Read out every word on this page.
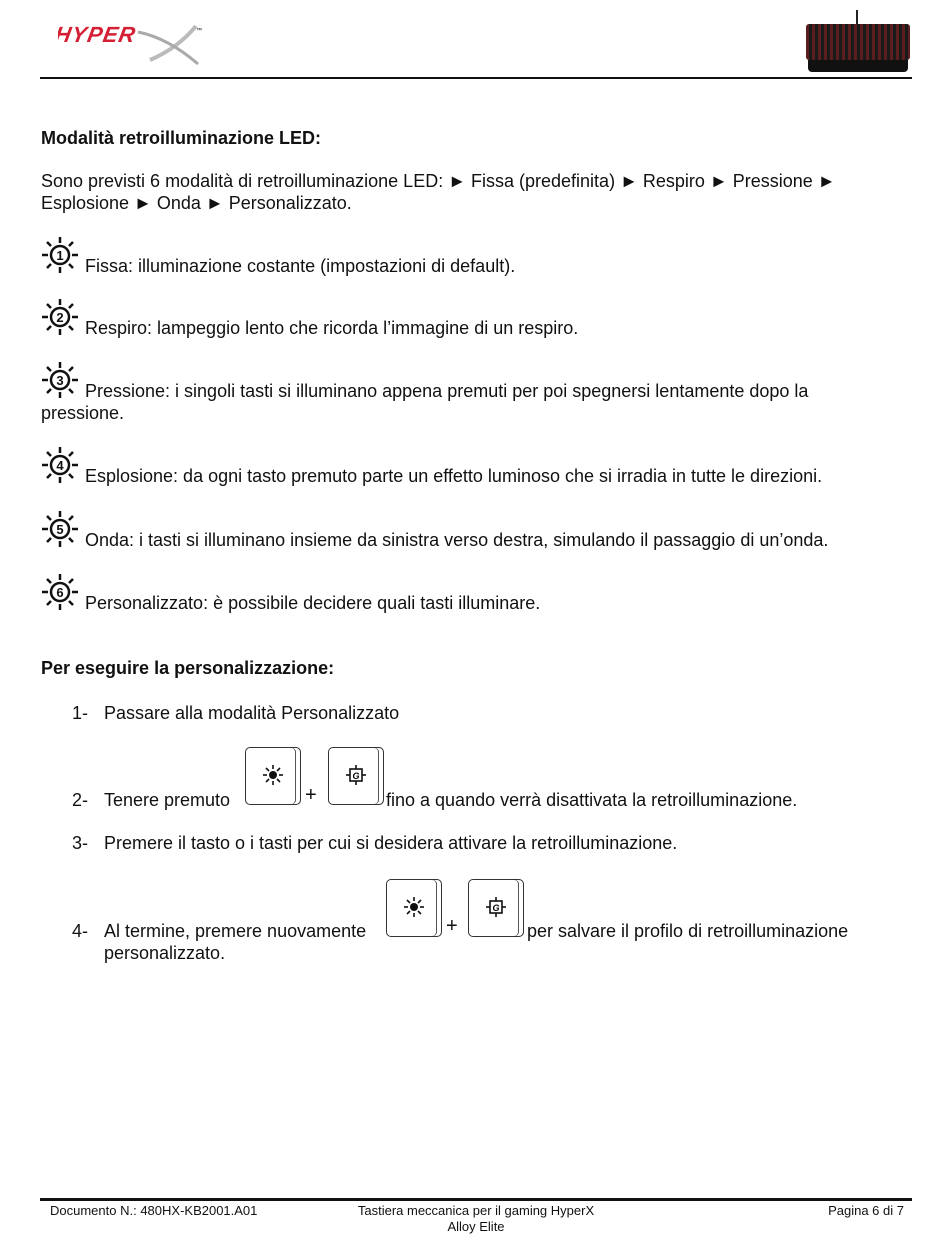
HYPER	™
Modalità retroilluminazione LED:
Sono previsti 6 modalità di retroilluminazione LED: ► Fissa (predefinita) ► Respiro ► Pressione ►
Esplosione ► Onda ► Personalizzato.
1
Fissa: illuminazione costante (impostazioni di default).
2
Respiro: lampeggio lento che ricorda l’immagine di un respiro.
3
Pressione: i singoli tasti si illuminano appena premuti per poi spegnersi lentamente dopo la
pressione.
4
Esplosione: da ogni tasto premuto parte un effetto luminoso che si irradia in tutte le direzioni.
5
Onda: i tasti si illuminano insieme da sinistra verso destra, simulando il passaggio di un’onda.
6
Personalizzato: è possibile decidere quali tasti illuminare.
Per eseguire la personalizzazione:
1- Passare alla modalità Personalizzato
2- Tenere premuto	+
G
fino a quando verrà disattivata la retroilluminazione.
3- Premere il tasto o i tasti per cui si desidera attivare la retroilluminazione.
4- Al termine, premere nuovamente	+
G
per salvare il profilo di retroilluminazione
personalizzato.
Documento N.: 480HX-KB2001.A01	Tastiera meccanica per il gaming HyperX
Alloy Elite
Pagina 6 di 7
